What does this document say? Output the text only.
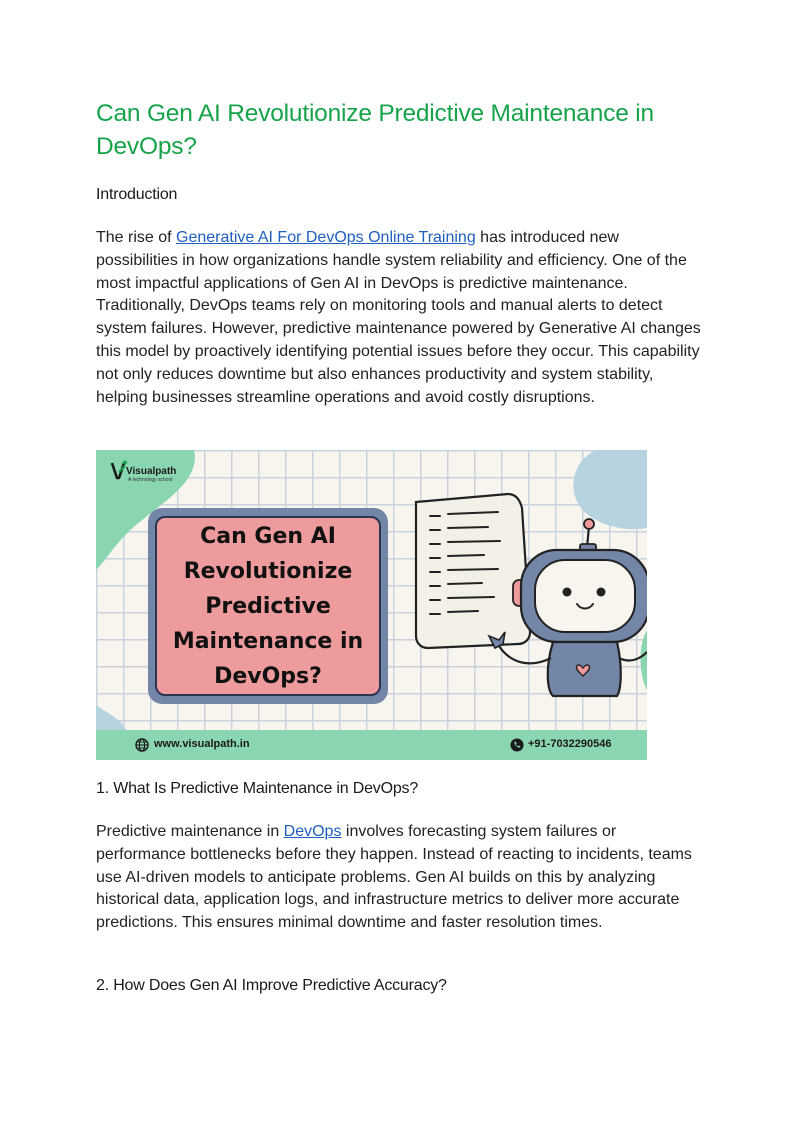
Can Gen AI Revolutionize Predictive Maintenance in DevOps?
Introduction

The rise of Generative AI For DevOps Online Training has introduced new possibilities in how organizations handle system reliability and efficiency. One of the most impactful applications of Gen AI in DevOps is predictive maintenance. Traditionally, DevOps teams rely on monitoring tools and manual alerts to detect system failures. However, predictive maintenance powered by Generative AI changes this model by proactively identifying potential issues before they occur. This capability not only reduces downtime but also enhances productivity and system stability, helping businesses streamline operations and avoid costly disruptions.

1. What Is Predictive Maintenance in DevOps?

Predictive maintenance in DevOps involves forecasting system failures or performance bottlenecks before they happen. Instead of reacting to incidents, teams use AI-driven models to anticipate problems. Gen AI builds on this by analyzing historical data, application logs, and infrastructure metrics to deliver more accurate predictions. This ensures minimal downtime and faster resolution times.

2. How Does Gen AI Improve Predictive Accuracy?
Visualpath
A technology school
Can Gen AI Revolutionize Predictive Maintenance in DevOps?
www.visualpath.in	+91-7032290546
